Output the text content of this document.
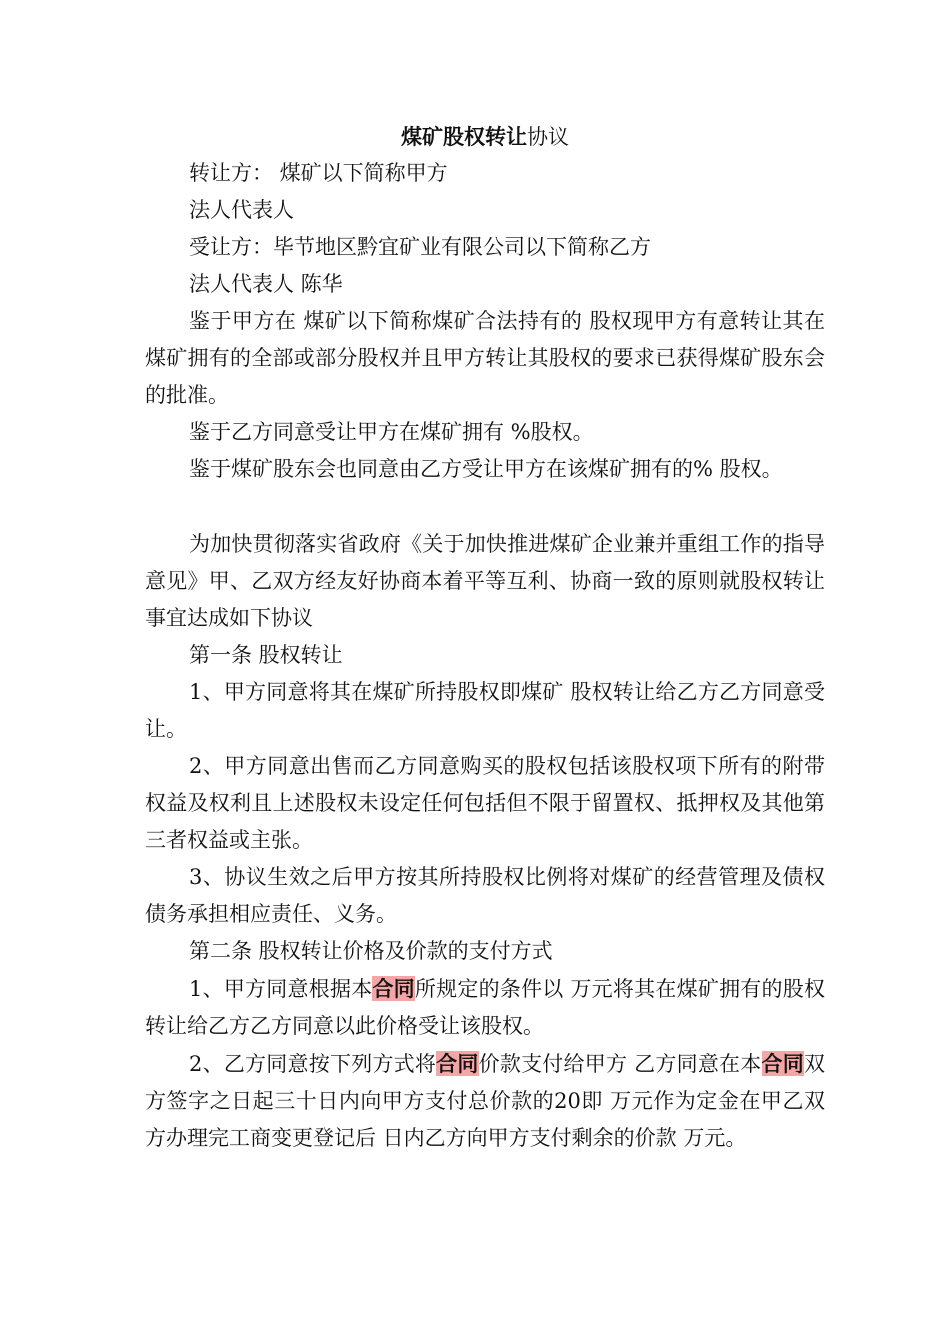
煤矿股权转让协议

转让方： 煤矿以下简称甲方

法人代表人

受让方：毕节地区黔宜矿业有限公司以下简称乙方

法人代表人 陈华

鉴于甲方在 煤矿以下简称煤矿合法持有的 股权现甲方有意转让其在煤矿拥有的全部或部分股权并且甲方转让其股权的要求已获得煤矿股东会的批准。

鉴于乙方同意受让甲方在煤矿拥有 %股权。

鉴于煤矿股东会也同意由乙方受让甲方在该煤矿拥有的% 股权。

为加快贯彻落实省政府《关于加快推进煤矿企业兼并重组工作的指导意见》甲、乙双方经友好协商本着平等互利、协商一致的原则就股权转让事宜达成如下协议

第一条 股权转让

1、甲方同意将其在煤矿所持股权即煤矿 股权转让给乙方乙方同意受让。

2、甲方同意出售而乙方同意购买的股权包括该股权项下所有的附带权益及权利且上述股权未设定任何包括但不限于留置权、抵押权及其他第三者权益或主张。

3、协议生效之后甲方按其所持股权比例将对煤矿的经营管理及债权债务承担相应责任、义务。

第二条 股权转让价格及价款的支付方式

1、甲方同意根据本合同所规定的条件以 万元将其在煤矿拥有的股权转让给乙方乙方同意以此价格受让该股权。

2、乙方同意按下列方式将合同价款支付给甲方 乙方同意在本合同双方签字之日起三十日内向甲方支付总价款的20即 万元作为定金在甲乙双方办理完工商变更登记后 日内乙方向甲方支付剩余的价款 万元。
